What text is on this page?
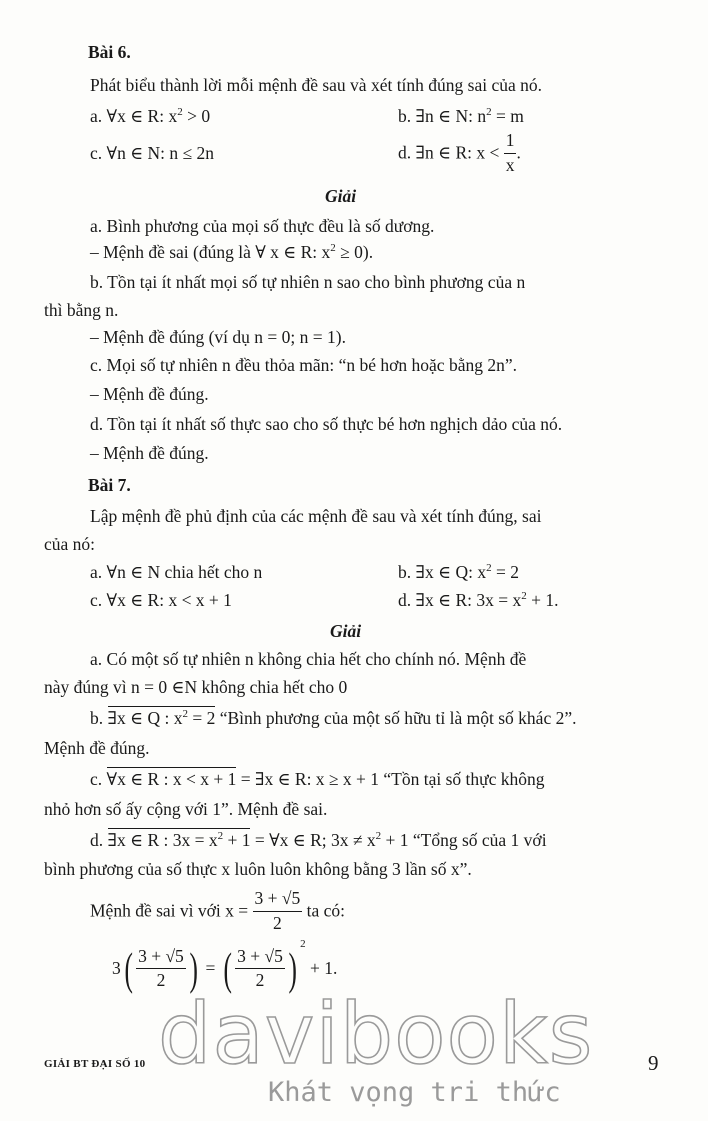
Bài 6.
Phát biểu thành lời mỗi mệnh đề sau và xét tính đúng sai của nó.
a. ∀x ∈ R: $x^2 > 0$	b. ∃n ∈ N: $n^2 = m$
c. ∀n ∈ N: n ≤ 2n	d. ∃n ∈ R: $x < \frac{1}{x}$ .
Giải
a. Bình phương của mọi số thực đều là số dương.
– Mệnh đề sai (đúng là ∀ x ∈ R: $x^2 \ge 0$).
b. Tồn tại ít nhất mọi số tự nhiên n sao cho bình phương của n
thì bằng n.
– Mệnh đề đúng (ví dụ n = 0; n = 1).
c. Mọi số tự nhiên n đều thỏa mãn: “n bé hơn hoặc bằng 2n”.
– Mệnh đề đúng.
d. Tồn tại ít nhất số thực sao cho số thực bé hơn nghịch dảo của nó.
– Mệnh đề đúng.
Bài 7.
Lập mệnh đề phủ định của các mệnh đề sau và xét tính đúng, sai
của nó:
a. ∀n ∈ N chia hết cho n	b. ∃x ∈ Q: $x^2 = 2$
c. ∀x ∈ R: x < x + 1	d. ∃x ∈ R: $3x = x^2 + 1$.
Giải
a. Có một số tự nhiên n không chia hết cho chính nó. Mệnh đề
này đúng vì n = 0 ∈N không chia hết cho 0
b. ∃x ∈ Q : $x^2 = 2$ “Bình phương của một số hữu tỉ là một số khác 2”.
Mệnh đề đúng.
c. ∀x ∈ R : x < x + 1 = ∃x ∈ R: x ≥ x + 1 “Tồn tại số thực không
nhỏ hơn số ấy cộng với 1”. Mệnh đề sai.
d. ∃x ∈ R : $3x = x^2 + 1$ = ∀x ∈ R; $3x \ne x^2 + 1$ “Tổng số của 1 với
bình phương của số thực x luôn luôn không bằng 3 lần số x”.
Mệnh đề sai vì với $x = \frac{3 + √5}{2}$ ta có:
$3( \frac{3 + √5}{2}$ ) = ( $\frac{3 + √5}{2}$ ) $^2$ + 1.
GIẢI BT ĐẠI SỐ 10	9
davibooks
Khát vọng tri thức
